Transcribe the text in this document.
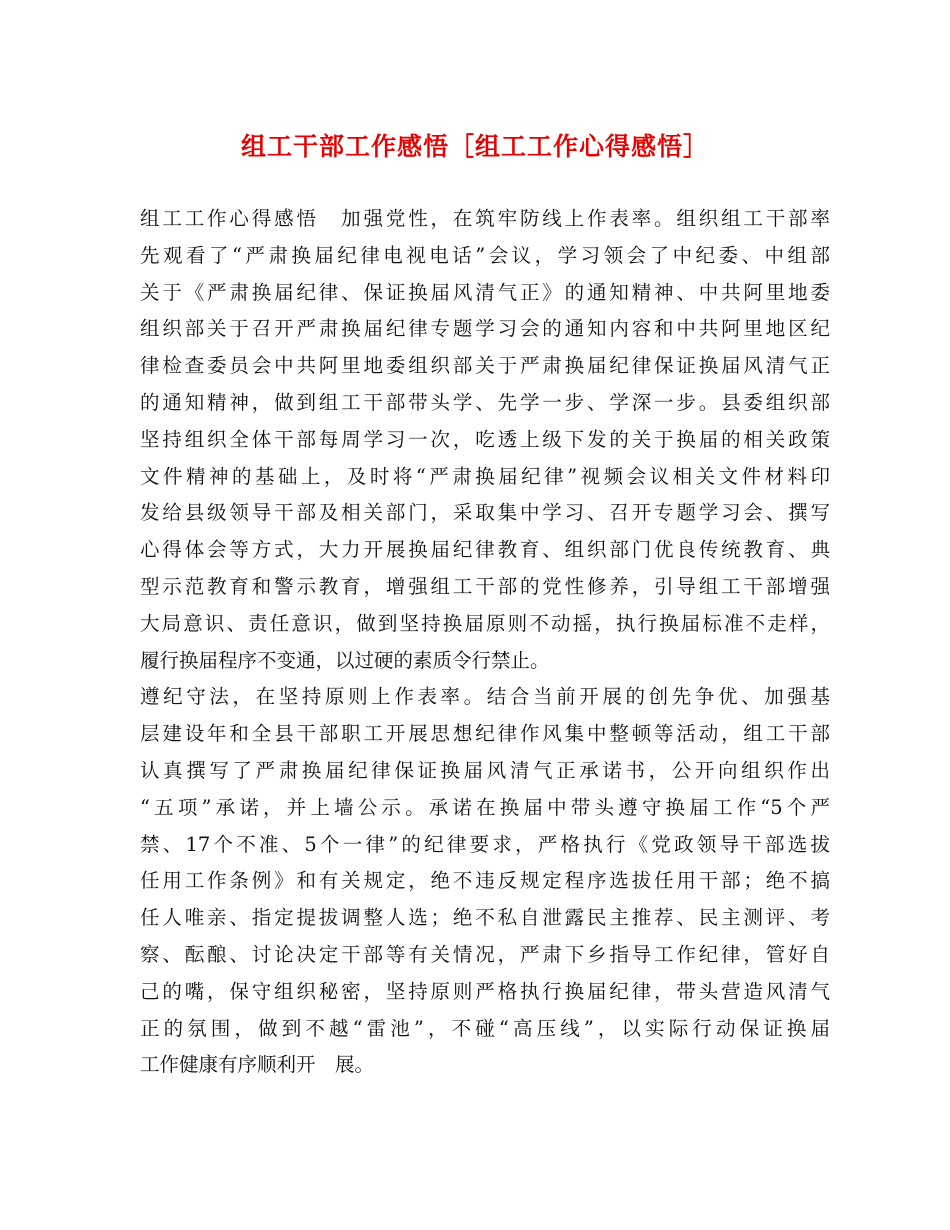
组工干部工作感悟［组工工作心得感悟］
组工工作心得感悟　加强党性，在筑牢防线上作表率。组织组工干部率
先观看了“严肃换届纪律电视电话”会议，学习领会了中纪委、中组部
关于《严肃换届纪律、保证换届风清气正》的通知精神、中共阿里地委
组织部关于召开严肃换届纪律专题学习会的通知内容和中共阿里地区纪
律检查委员会中共阿里地委组织部关于严肃换届纪律保证换届风清气正
的通知精神，做到组工干部带头学、先学一步、学深一步。县委组织部
坚持组织全体干部每周学习一次，吃透上级下发的关于换届的相关政策
文件精神的基础上，及时将“严肃换届纪律”视频会议相关文件材料印
发给县级领导干部及相关部门，采取集中学习、召开专题学习会、撰写
心得体会等方式，大力开展换届纪律教育、组织部门优良传统教育、典
型示范教育和警示教育，增强组工干部的党性修养，引导组工干部增强
大局意识、责任意识，做到坚持换届原则不动摇，执行换届标准不走样，
履行换届程序不变通，以过硬的素质令行禁止。
遵纪守法，在坚持原则上作表率。结合当前开展的创先争优、加强基
层建设年和全县干部职工开展思想纪律作风集中整顿等活动，组工干部
认真撰写了严肃换届纪律保证换届风清气正承诺书，公开向组织作出
“五项”承诺，并上墙公示。承诺在换届中带头遵守换届工作“5个严
禁、17个不准、5个一律”的纪律要求，严格执行《党政领导干部选拔
任用工作条例》和有关规定，绝不违反规定程序选拔任用干部；绝不搞
任人唯亲、指定提拔调整人选；绝不私自泄露民主推荐、民主测评、考
察、酝酿、讨论决定干部等有关情况，严肃下乡指导工作纪律，管好自
己的嘴，保守组织秘密，坚持原则严格执行换届纪律，带头营造风清气
正的氛围，做到不越“雷池”，不碰“高压线”，以实际行动保证换届
工作健康有序顺利开　展。
